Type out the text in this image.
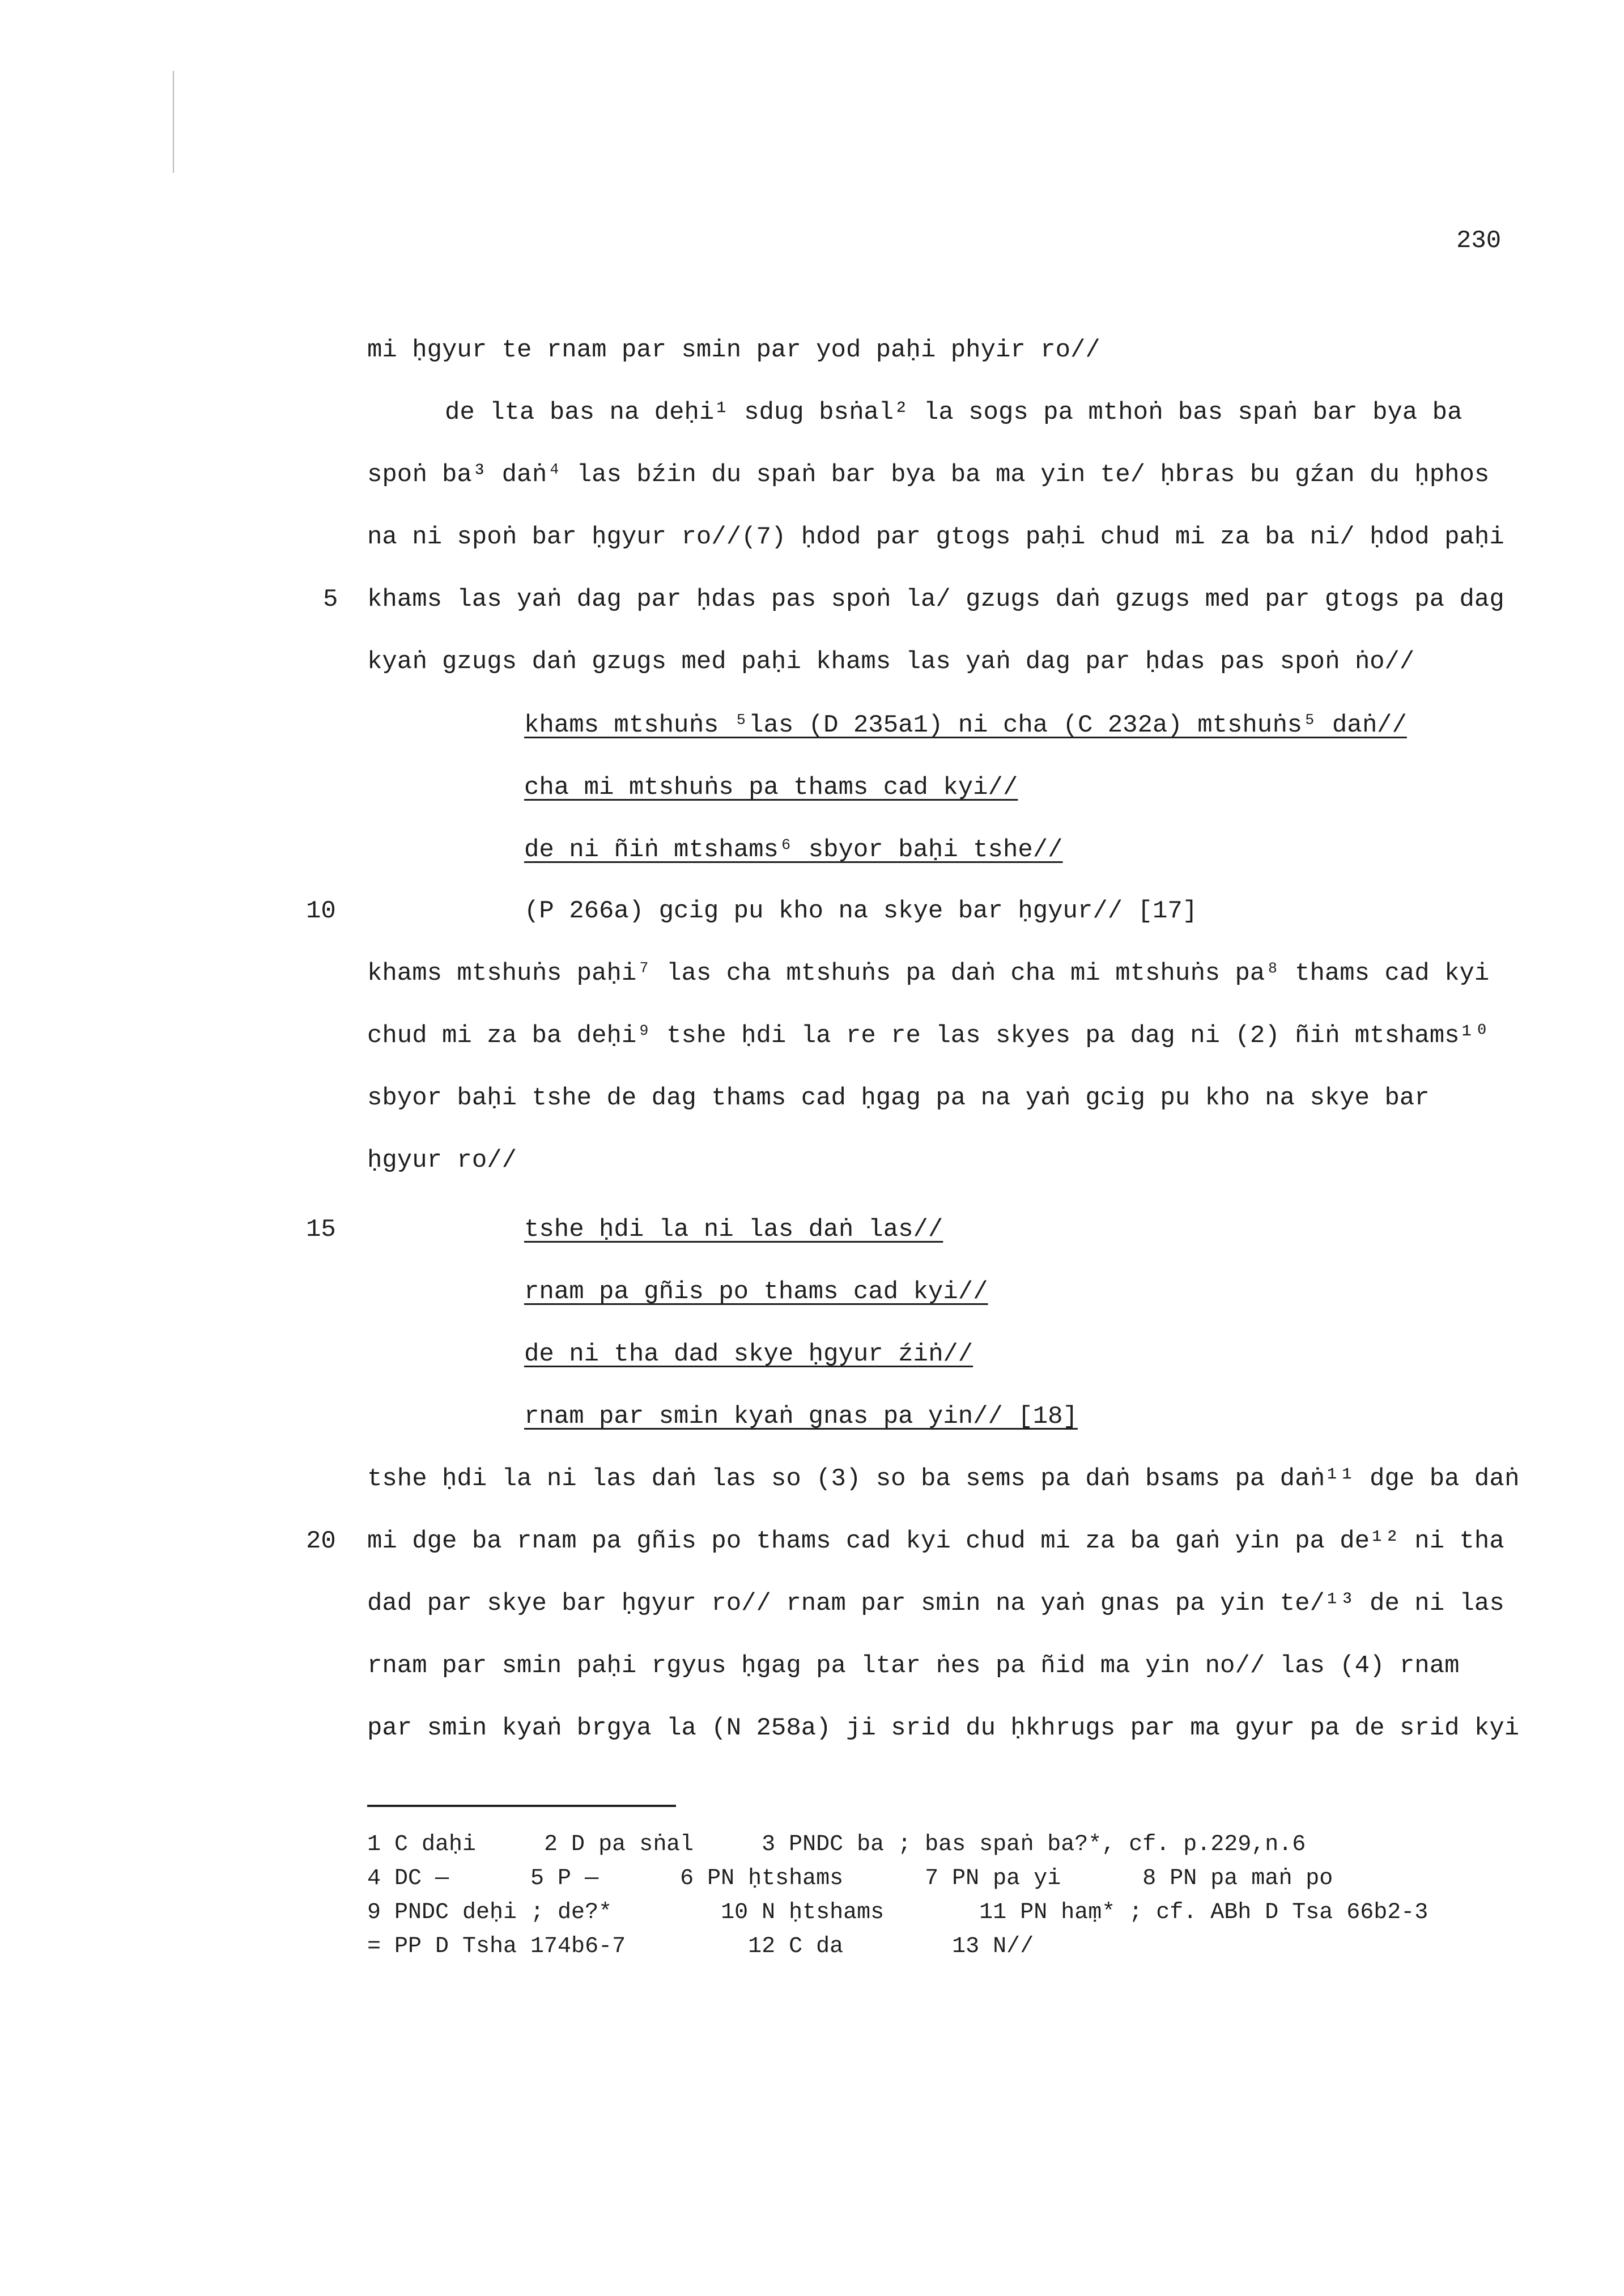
230
mi ḥgyur te rnam par smin par yod paḥi phyir ro//
de lta bas na deḥi¹ sdug bsṅal² la sogs pa mthoṅ bas spaṅ bar bya ba
spoṅ ba³ daṅ⁴ las bźin du spaṅ bar bya ba ma yin te/ ḥbras bu gźan du ḥphos
na ni spoṅ bar ḥgyur ro//(7) ḥdod par gtogs paḥi chud mi za ba ni/ ḥdod paḥi
5 khams las yaṅ dag par ḥdas pas spoṅ la/ gzugs daṅ gzugs med par gtogs pa dag
kyaṅ gzugs daṅ gzugs med paḥi khams las yaṅ dag par ḥdas pas spoṅ ṅo//
khams mtshuṅs ⁵las (D 235a1) ni cha (C 232a) mtshuṅs⁵ daṅ//
cha mi mtshuṅs pa thams cad kyi//
de ni ñiṅ mtshams⁶ sbyor baḥi tshe//
10	(P 266a) gcig pu kho na skye bar ḥgyur// [17]
khams mtshuṅs paḥi⁷ las cha mtshuṅs pa daṅ cha mi mtshuṅs pa⁸ thams cad kyi
chud mi za ba deḥi⁹ tshe ḥdi la re re las skyes pa dag ni (2) ñiṅ mtshams¹⁰
sbyor baḥi tshe de dag thams cad ḥgag pa na yaṅ gcig pu kho na skye bar
ḥgyur ro//
15	tshe ḥdi la ni las daṅ las//
rnam pa gñis po thams cad kyi//
de ni tha dad skye ḥgyur źiṅ//
rnam par smin kyaṅ gnas pa yin// [18]
tshe ḥdi la ni las daṅ las so (3) so ba sems pa daṅ bsams pa daṅ¹¹ dge ba daṅ
20 mi dge ba rnam pa gñis po thams cad kyi chud mi za ba gaṅ yin pa de¹² ni tha
dad par skye bar ḥgyur ro// rnam par smin na yaṅ gnas pa yin te/¹³ de ni las
rnam par smin paḥi rgyus ḥgag pa ltar ṅes pa ñid ma yin no// las (4) rnam
par smin kyaṅ brgya la (N 258a) ji srid du ḥkhrugs par ma gyur pa de srid kyi
1 C daḥi     2 D pa sṅal     3 PNDC ba ; bas spaṅ ba?*, cf. p.229,n.6
4 DC —      5 P —      6 PN ḥtshams      7 PN pa yi      8 PN pa maṅ po
9 PNDC deḥi ; de?*        10 N ḥtshams       11 PN haṃ* ; cf. ABh D Tsa 66b2-3
= PP D Tsha 174b6-7         12 C da        13 N//
